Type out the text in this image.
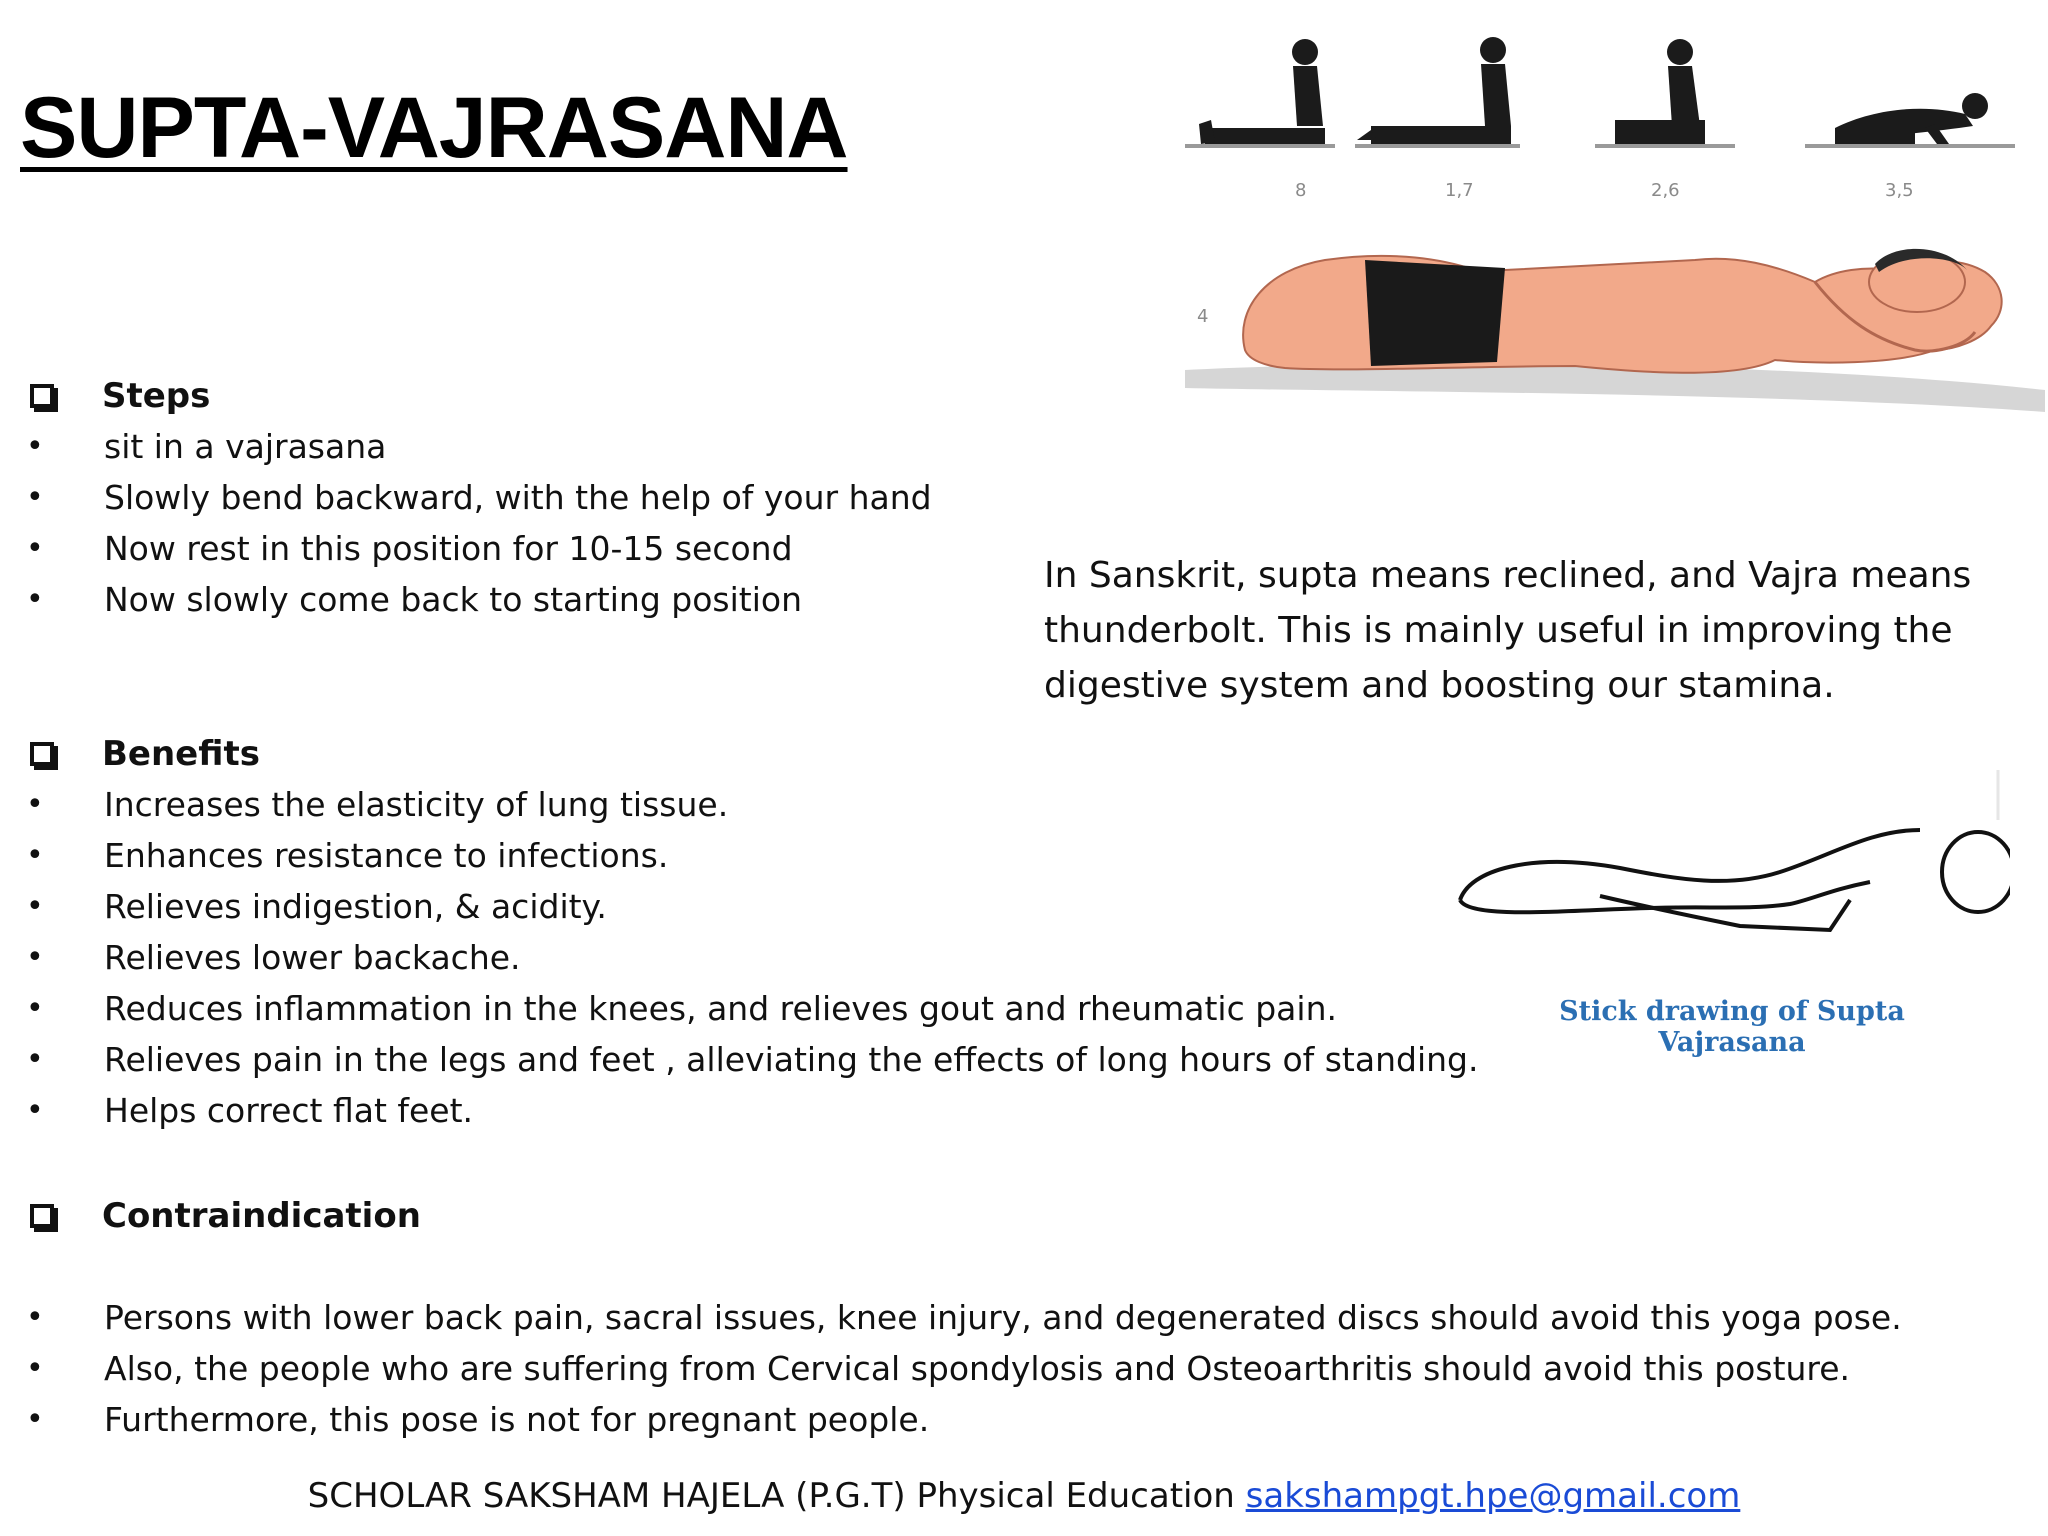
SUPTA-VAJRASANA
Steps
• sit in a vajrasana
• Slowly bend backward, with the help of your hand
• Now rest in this position for 10-15 second
• Now slowly come back to starting position
In Sanskrit, supta means reclined, and Vajra means thunderbolt. This is mainly useful in improving the digestive system and boosting our stamina.
Benefits
• Increases the elasticity of lung tissue.
• Enhances resistance to infections.
• Relieves indigestion, & acidity.
• Relieves lower backache.
• Reduces inflammation in the knees, and relieves gout and rheumatic pain.
• Relieves pain in the legs and feet , alleviating the effects of long hours of standing.
• Helps correct flat feet.
Contraindication
• Persons with lower back pain, sacral issues, knee injury, and degenerated discs should avoid this yoga pose.
• Also, the people who are suffering from Cervical spondylosis and Osteoarthritis should avoid this posture.
• Furthermore, this pose is not for pregnant people.
8	1,7	2,6	3,5
4
Stick drawing of Supta Vajrasana
SCHOLAR SAKSHAM HAJELA (P.G.T) Physical Education sakshampgt.hpe@gmail.com
